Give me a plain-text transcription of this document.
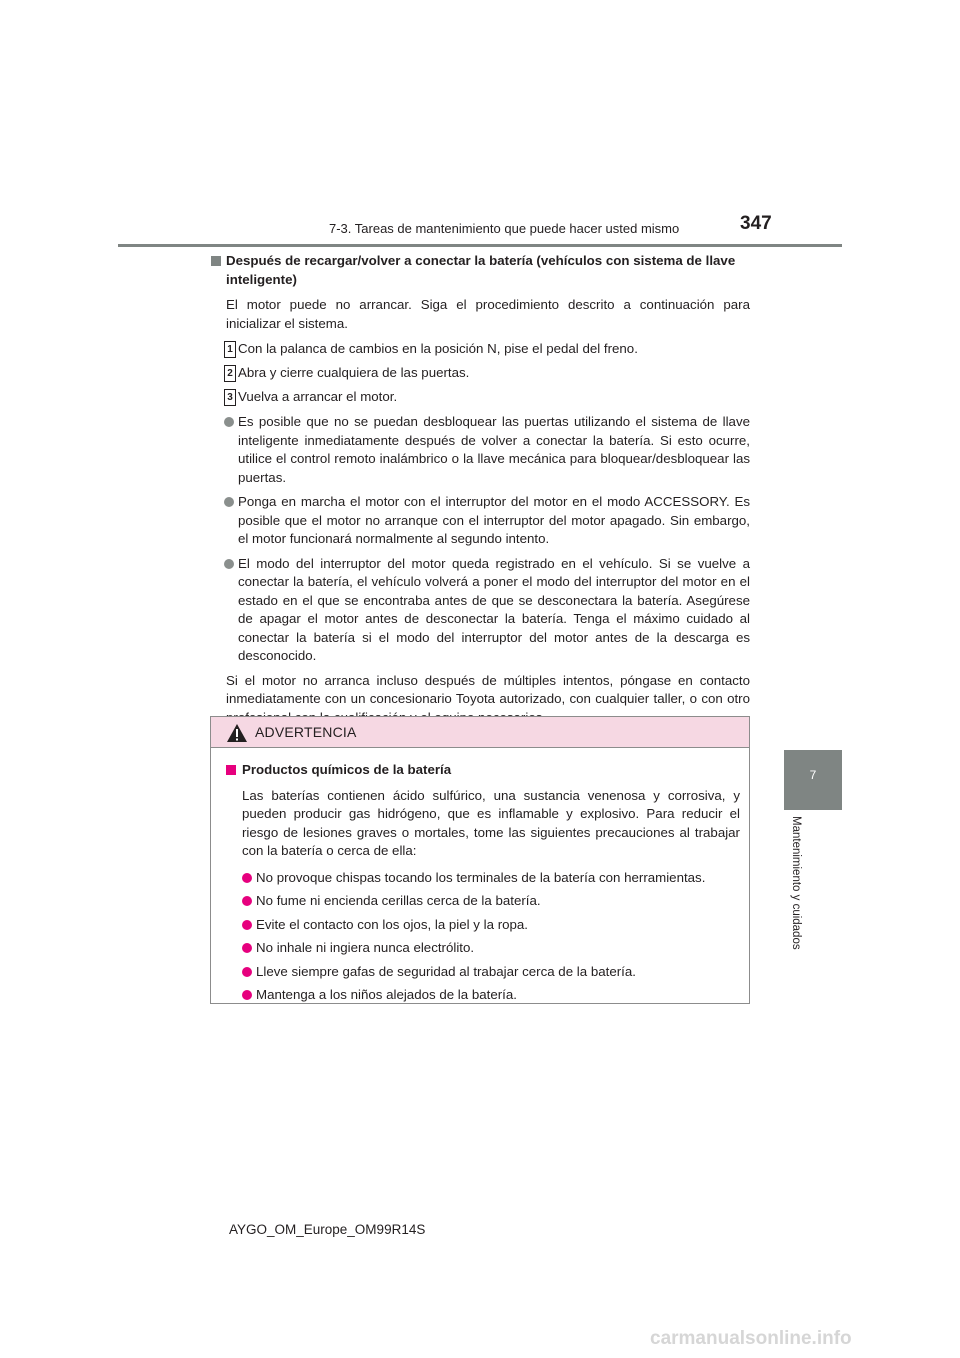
7-3. Tareas de mantenimiento que puede hacer usted mismo	347
7
Mantenimiento y cuidados
Después de recargar/volver a conectar la batería (vehículos con sistema de llave inteligente)
El motor puede no arrancar. Siga el procedimiento descrito a continuación para inicializar el sistema.
1 Con la palanca de cambios en la posición N, pise el pedal del freno.
2 Abra y cierre cualquiera de las puertas.
3 Vuelva a arrancar el motor.
Es posible que no se puedan desbloquear las puertas utilizando el sistema de llave inteligente inmediatamente después de volver a conectar la batería. Si esto ocurre, utilice el control remoto inalámbrico o la llave mecánica para bloquear/desbloquear las puertas.
Ponga en marcha el motor con el interruptor del motor en el modo ACCESSORY. Es posible que el motor no arranque con el interruptor del motor apagado. Sin embargo, el motor funcionará normalmente al segundo intento.
El modo del interruptor del motor queda registrado en el vehículo. Si se vuelve a conectar la batería, el vehículo volverá a poner el modo del interruptor del motor en el estado en el que se encontraba antes de que se desconectara la batería. Asegúrese de apagar el motor antes de desconectar la batería. Tenga el máximo cuidado al conectar la batería si el modo del interruptor del motor antes de la descarga es desconocido.
Si el motor no arranca incluso después de múltiples intentos, póngase en contacto inmediatamente con un concesionario Toyota autorizado, con cualquier taller, o con otro
ADVERTENCIA
Productos químicos de la batería
Las baterías contienen ácido sulfúrico, una sustancia venenosa y corrosiva, y pueden producir gas hidrógeno, que es inflamable y explosivo. Para reducir el riesgo de lesiones graves o mortales, tome las siguientes precauciones al trabajar con la batería o cerca de ella:
No provoque chispas tocando los terminales de la batería con herramientas.
No fume ni encienda cerillas cerca de la batería.
Evite el contacto con los ojos, la piel y la ropa.
No inhale ni ingiera nunca electrólito.
Lleve siempre gafas de seguridad al trabajar cerca de la batería.
Mantenga a los niños alejados de la batería.
AYGO_OM_Europe_OM99R14S
carmanualsonline.info
